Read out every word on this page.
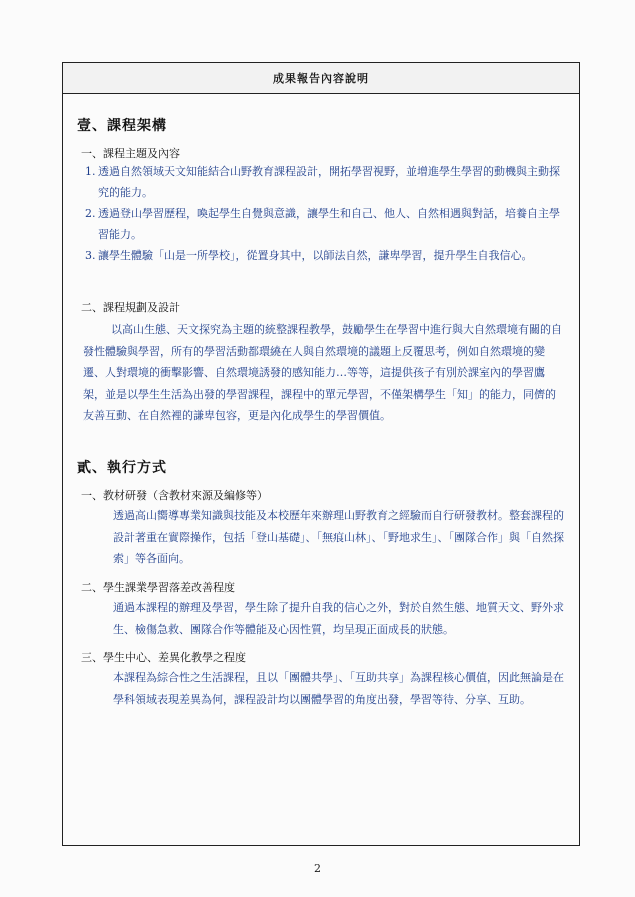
成果報告內容說明
壹、課程架構
一、課程主題及內容
1. 透過自然領域天文知能結合山野教育課程設計，開拓學習視野，並增進學生學習的動機與主動探究的能力。
2. 透過登山學習歷程，喚起學生自覺與意識，讓學生和自己、他人、自然相遇與對話，培養自主學習能力。
3. 讓學生體驗「山是一所學校」，從置身其中，以師法自然，謙卑學習，提升學生自我信心。
二、課程規劃及設計
以高山生態、天文探究為主題的統整課程教學，鼓勵學生在學習中進行與大自然環境有關的自發性體驗與學習，所有的學習活動都環繞在人與自然環境的議題上反覆思考，例如自然環境的變遷、人對環境的衝擊影響、自然環境誘發的感知能力…等等，這提供孩子有別於課室內的學習鷹架，並是以學生生活為出發的學習課程，課程中的單元學習，不僅架構學生「知」的能力，同儕的友善互動、在自然裡的謙卑包容，更是內化成學生的學習價值。
貳、執行方式
一、教材研發（含教材來源及編修等）
透過高山嚮導專業知識與技能及本校歷年來辦理山野教育之經驗而自行研發教材。整套課程的設計著重在實際操作，包括「登山基礎」、「無痕山林」、「野地求生」、「團隊合作」與「自然探索」等各面向。
二、學生課業學習落差改善程度
通過本課程的辦理及學習，學生除了提升自我的信心之外，對於自然生態、地質天文、野外求生、檢傷急救、團隊合作等體能及心因性質，均呈現正面成長的狀態。
三、學生中心、差異化教學之程度
本課程為綜合性之生活課程，且以「團體共學」、「互助共享」為課程核心價值，因此無論是在學科領域表現差異為何，課程設計均以團體學習的角度出發，學習等待、分享、互助。
2
